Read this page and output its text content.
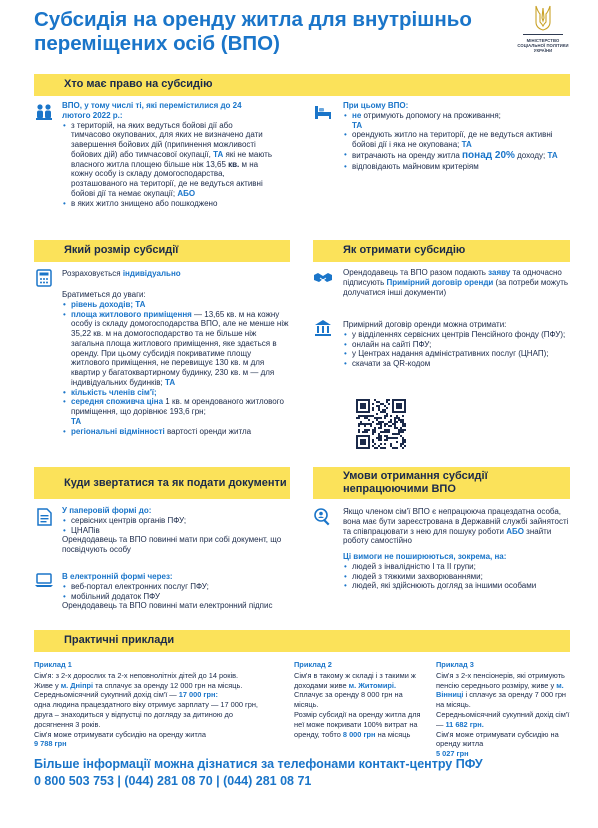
Субсидія на оренду житла для внутрішньо переміщених осіб (ВПО)	МІНІСТЕРСТВО
СОЦІАЛЬНОЇ ПОЛІТИКИ
УКРАЇНИ
Хто має право на субсидію
ВПО, у тому числі ті, які перемістилися до 24 лютого 2022 р.:
• з територій, на яких ведуться бойові дії або тимчасово окупованих, для яких не визначено дати завершення бойових дій (припинення можливості бойових дій) або тимчасової окупації, ТА які не мають власного житла площею більше ніж 13,65 кв. м на кожну особу із складу домогосподарства, розташованого на території, де не ведуться активні бойові дії та немає окупації; АБО
• в яких житло знищено або пошкоджено
При цьому ВПО:
• не отримують допомогу на проживання;
ТА
• орендують житло на території, де не ведуться активні бойові дії і яка не окупована; ТА
• витрачають на оренду житла понад 20% доходу; ТА
• відповідають майновим критеріям
Який розмір субсидії	Як отримати субсидію
Розраховується індивідуально
Братиметься до уваги:
• рівень доходів; ТА
• площа житлового приміщення — 13,65 кв. м на кожну особу із складу домогосподарства ВПО, але не менше ніж 35,22 кв. м на домогосподарство та не більше ніж загальна площа житлового приміщення, яке здається в оренду. При цьому субсидія покриватиме площу житлового приміщення, не перевищує 130 кв. м для квартир у багатоквартирному будинку, 230 кв. м — для індивідуальних будинків; ТА
• кількість членів сім'ї;
• середня споживча ціна 1 кв. м орендованого житлового приміщення, що дорівнює 193,6 грн;
ТА
• регіональні відмінності вартості оренди житла
Орендодавець та ВПО разом подають заяву та одночасно підписують Примірний договір оренди (за потреби можуть долучатися інші документи)
Примірний договір оренди можна отримати:
• у відділеннях сервісних центрів Пенсійного фонду (ПФУ);
• онлайн на сайті ПФУ;
• у Центрах надання адміністративних послуг (ЦНАП);
• скачати за QR-кодом
Куди звертатися та як подати документи
Умови отримання субсидії непрацюючими ВПО
У паперовій формі до:
• сервісних центрів органів ПФУ;
• ЦНАПів
Орендодавець та ВПО повинні мати при собі документ, що посвідчують особу
В електронній формі через:
• веб-портал електронних послуг ПФУ;
• мобільний додаток ПФУ
Орендодавець та ВПО повинні мати електронний підпис
Якщо членом сім'ї ВПО є непрацююча працездатна особа, вона має бути зареєстрована в Державній службі зайнятості та співпрацювати з нею для пошуку роботи АБО знайти роботу самостійно
Ці вимоги не поширюються, зокрема, на:
• людей з інвалідністю I та II групи;
• людей з тяжкими захворюваннями;
• людей, які здійснюють догляд за іншими особами
Практичні приклади
Приклад 1
Сім'я: з 2-х дорослих та 2-х неповнолітніх дітей до 14 років.
Живе у м. Дніпрі та сплачує за оренду 12 000 грн на місяць.
Середньомісячний сукупний дохід сім'ї — 17 000 грн:
одна людина працездатного віку отримує зарплату — 17 000 грн, друга – знаходиться у відпустці по догляду за дитиною до досягнення 3 років.
Сім'я може отримувати субсидію на оренду житла
9 788 грн
Приклад 2
Сім'я в такому ж складі і з такими ж доходами живе м. Житомирі.
Сплачує за оренду 8 000 грн на місяць.
Розмір субсидії на оренду житла для неї може покривати 100% витрат на оренду, тобто 8 000 грн на місяць
Приклад 3
Сім'я з 2-х пенсіонерів, які отримують пенсію середнього розміру, живе у м. Вінниці і сплачує за оренду 7 000 грн на місяць.
Середньомісячний сукупний дохід сім'ї — 11 682 грн.
Сім'я може отримувати субсидію на оренду житла
5 027 грн
Більше інформації можна дізнатися за телефонами контакт-центру ПФУ
0 800 503 753 | (044) 281 08 70 | (044) 281 08 71
